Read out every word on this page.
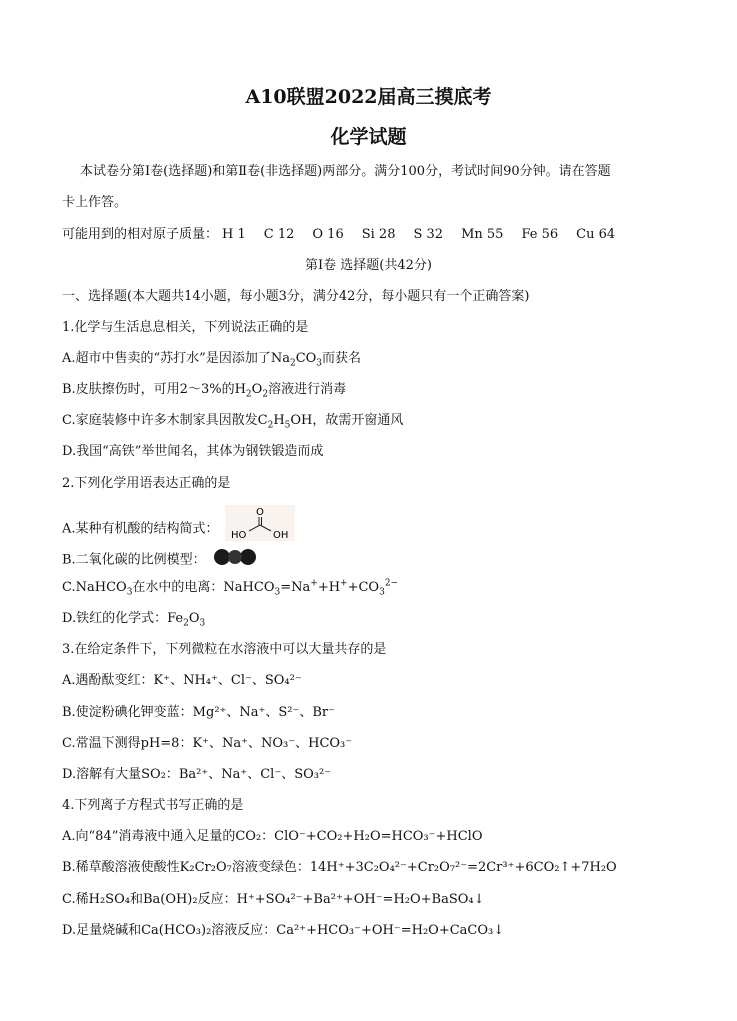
A10联盟2022届高三摸底考
化学试题
本试卷分第Ⅰ卷(选择题)和第Ⅱ卷(非选择题)两部分。满分100分，考试时间90分钟。请在答题
卡上作答。
可能用到的相对原子质量： H 1 C 12 O 16 Si 28 S 32 Mn 55 Fe 56 Cu 64
第Ⅰ卷 选择题(共42分)
一、选择题(本大题共14小题，每小题3分，满分42分，每小题只有一个正确答案)
1.化学与生活息息相关，下列说法正确的是
A.超市中售卖的“苏打水”是因添加了$Na_2CO_3$而获名
B.皮肤擦伤时，可用2～3%的$H_2O_2$溶液进行消毒
C.家庭装修中许多木制家具因散发$C_2H_5OH$，故需开窗通风
D.我国“高铁”举世闻名，其体为钢铁锻造而成
2.下列化学用语表达正确的是
A.某种有机酸的结构简式：
O
HO	OH
B.二氧化碳的比例模型：
C.NaHCO$_3$在水中的电离：$NaHCO_3=Na^++H^++CO_3^{2-}$
D.铁红的化学式：$Fe_2O_3$
3.在给定条件下，下列微粒在水溶液中可以大量共存的是
A.遇酚酞变红：K⁺、NH₄⁺、Cl⁻、SO₄²⁻
B.使淀粉碘化钾变蓝：Mg²⁺、Na⁺、S²⁻、Br⁻
C.常温下测得pH=8：K⁺、Na⁺、NO₃⁻、HCO₃⁻
D.溶解有大量SO₂：Ba²⁺、Na⁺、Cl⁻、SO₃²⁻
4.下列离子方程式书写正确的是
A.向“84”消毒液中通入足量的CO₂：ClO⁻+CO₂+H₂O=HCO₃⁻+HClO
B.稀草酸溶液使酸性K₂Cr₂O₇溶液变绿色：14H⁺+3C₂O₄²⁻+Cr₂O₇²⁻=2Cr³⁺+6CO₂↑+7H₂O
C.稀H₂SO₄和Ba(OH)₂反应：H⁺+SO₄²⁻+Ba²⁺+OH⁻=H₂O+BaSO₄↓
D.足量烧碱和Ca(HCO₃)₂溶液反应：Ca²⁺+HCO₃⁻+OH⁻=H₂O+CaCO₃↓
